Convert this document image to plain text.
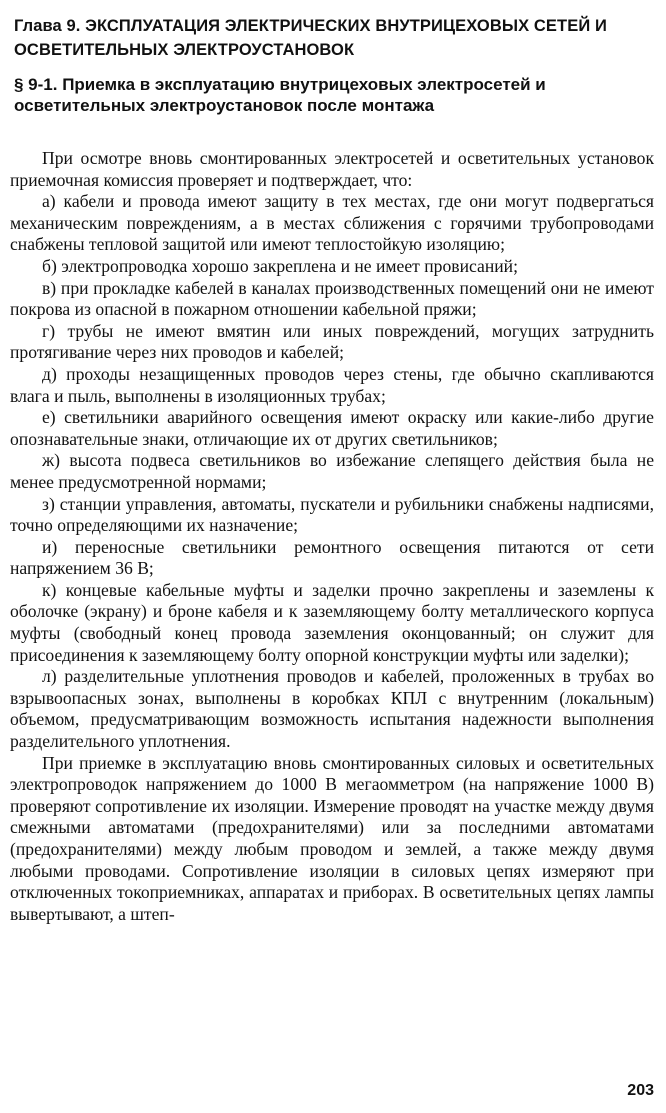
Глава 9. ЭКСПЛУАТАЦИЯ ЭЛЕКТРИЧЕСКИХ ВНУТРИЦЕХОВЫХ СЕТЕЙ И ОСВЕТИТЕЛЬНЫХ ЭЛЕКТРОУСТАНОВОК
§ 9-1. Приемка в эксплуатацию внутрицеховых электросетей и осветительных электроустановок после монтажа

При осмотре вновь смонтированных электросетей и осветительных установок приемочная комиссия проверяет и подтверждает, что:

а) кабели и провода имеют защиту в тех местах, где они могут подвергаться механическим повреждениям, а в местах сближения с горячими трубопроводами снабжены тепловой защитой или имеют теплостойкую изоляцию;

б) электропроводка хорошо закреплена и не имеет провисаний;

в) при прокладке кабелей в каналах производственных помещений они не имеют покрова из опасной в пожарном отношении кабельной пряжи;

г) трубы не имеют вмятин или иных повреждений, могущих затруднить протягивание через них проводов и кабелей;

д) проходы незащищенных проводов через стены, где обычно скапливаются влага и пыль, выполнены в изоляционных трубах;

е) светильники аварийного освещения имеют окраску или какие-либо другие опознавательные знаки, отличающие их от других светильников;

ж) высота подвеса светильников во избежание слепящего действия была не менее предусмотренной нормами;

з) станции управления, автоматы, пускатели и рубильники снабжены надписями, точно определяющими их назначение;

и) переносные светильники ремонтного освещения питаются от сети напряжением 36 В;

к) концевые кабельные муфты и заделки прочно закреплены и заземлены к оболочке (экрану) и броне кабеля и к заземляющему болту металлического корпуса муфты (свободный конец провода заземления оконцованный; он служит для присоединения к заземляющему болту опорной конструкции муфты или заделки);

л) разделительные уплотнения проводов и кабелей, проложенных в трубах во взрывоопасных зонах, выполнены в коробках КПЛ с внутренним (локальным) объемом, предусматривающим возможность испытания надежности выполнения разделительного уплотнения.

При приемке в эксплуатацию вновь смонтированных силовых и осветительных электропроводок напряжением до 1000 В мегаомметром (на напряжение 1000 В) проверяют сопротивление их изоляции. Измерение проводят на участке между двумя смежными автоматами (предохранителями) или за последними автоматами (предохранителями) между любым проводом и землей, а также между двумя любыми проводами. Сопротивление изоляции в силовых цепях измеряют при отключенных токоприемниках, аппаратах и приборах. В осветительных цепях лампы вывертывают, а штеп-

203
